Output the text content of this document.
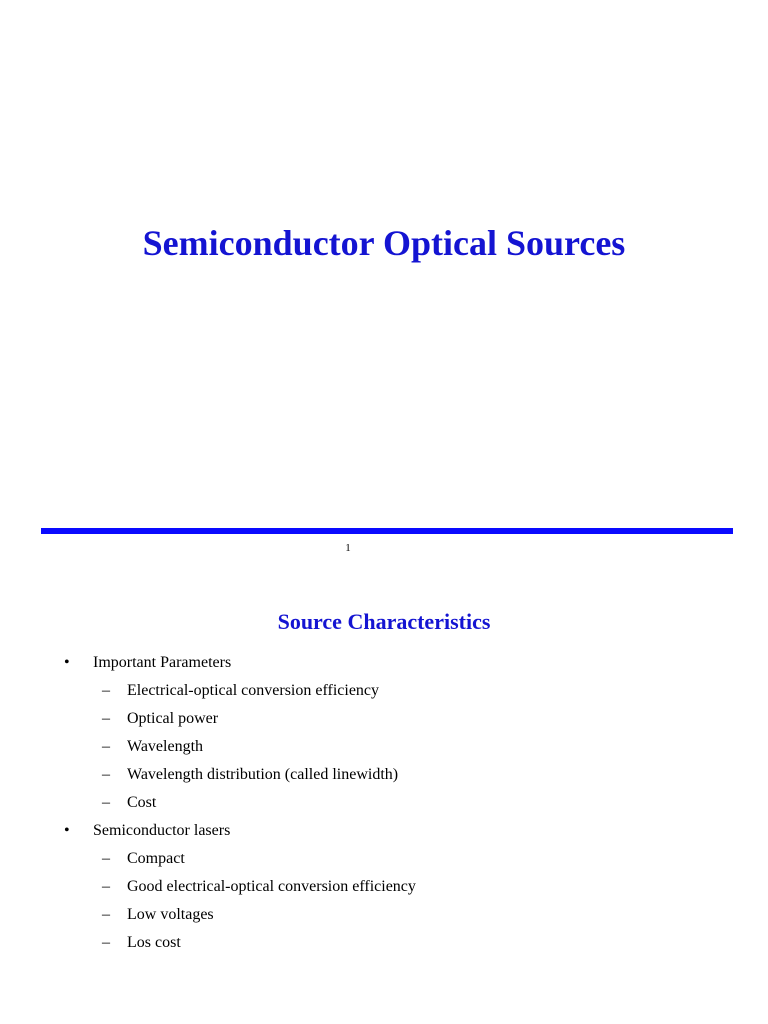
Semiconductor Optical Sources
1
Source Characteristics
• Important Parameters
– Electrical-optical conversion efficiency
– Optical power
– Wavelength
– Wavelength distribution (called linewidth)
– Cost
• Semiconductor lasers
– Compact
– Good electrical-optical conversion efficiency
– Low voltages
– Los cost
